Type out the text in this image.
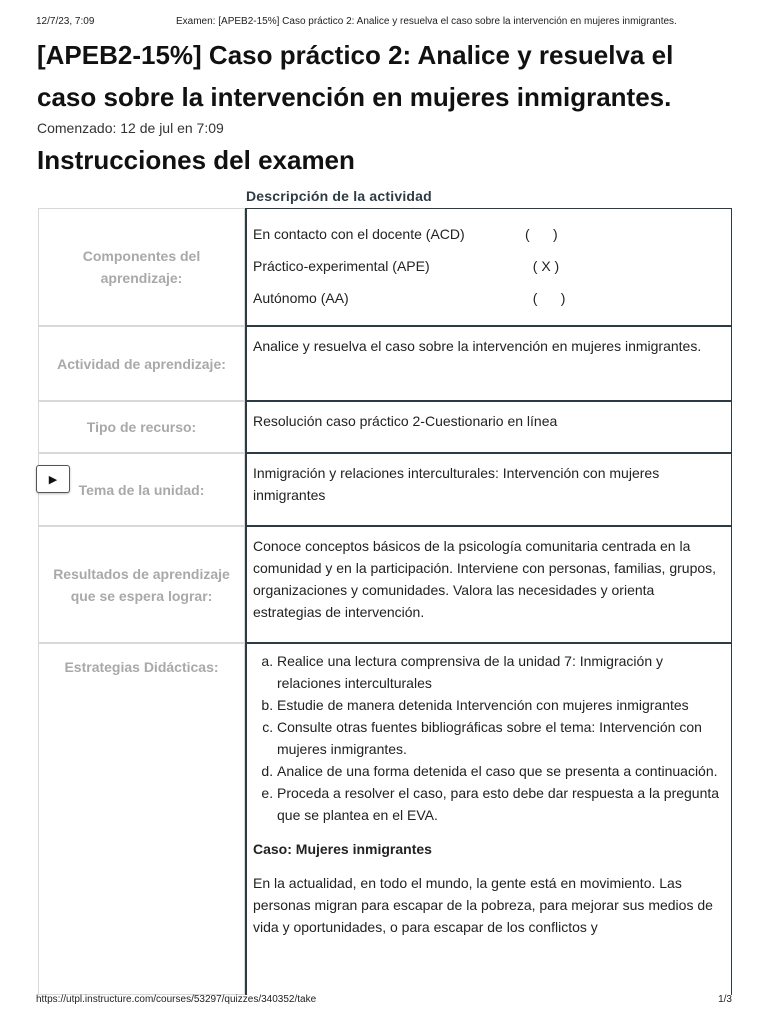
12/7/23, 7:09	Examen: [APEB2-15%] Caso práctico 2: Analice y resuelva el caso sobre la intervención en mujeres inmigrantes.
[APEB2-15%] Caso práctico 2: Analice y resuelva el caso sobre la intervención en mujeres inmigrantes.
Comenzado: 12 de jul en 7:09
Instrucciones del examen
Descripción de la actividad
Componentes del aprendizaje:
En contacto con el docente (ACD)	(      )
Práctico-experimental (APE)	( X )
Autónomo (AA)	(      )
Actividad de aprendizaje:
Analice y resuelva el caso sobre la intervención en mujeres inmigrantes.
Tipo de recurso:	Resolución caso práctico 2-Cuestionario en línea
Tema de la unidad:
Inmigración y relaciones interculturales: Intervención con mujeres inmigrantes
Resultados de aprendizaje que se espera lograr:
Conoce conceptos básicos de la psicología comunitaria centrada en la comunidad y en la participación. Interviene con personas, familias, grupos, organizaciones y comunidades. Valora las necesidades y orienta estrategias de intervención.
Estrategias Didácticas:
a.	Realice una lectura comprensiva de la unidad 7: Inmigración y relaciones interculturales
b. Estudie de manera detenida Intervención con mujeres inmigrantes
c. Consulte otras fuentes bibliográficas sobre el tema: Intervención con mujeres inmigrantes.
d. Analice de una forma detenida el caso que se presenta a continuación.
e. Proceda a resolver el caso, para esto debe dar respuesta a la pregunta que se plantea en el EVA.
Caso: Mujeres inmigrantes
En la actualidad, en todo el mundo, la gente está en movimiento. Las personas migran para escapar de la pobreza, para mejorar sus medios de vida y oportunidades, o para escapar de los conflictos y
▶
https://utpl.instructure.com/courses/53297/quizzes/340352/take	1/3
